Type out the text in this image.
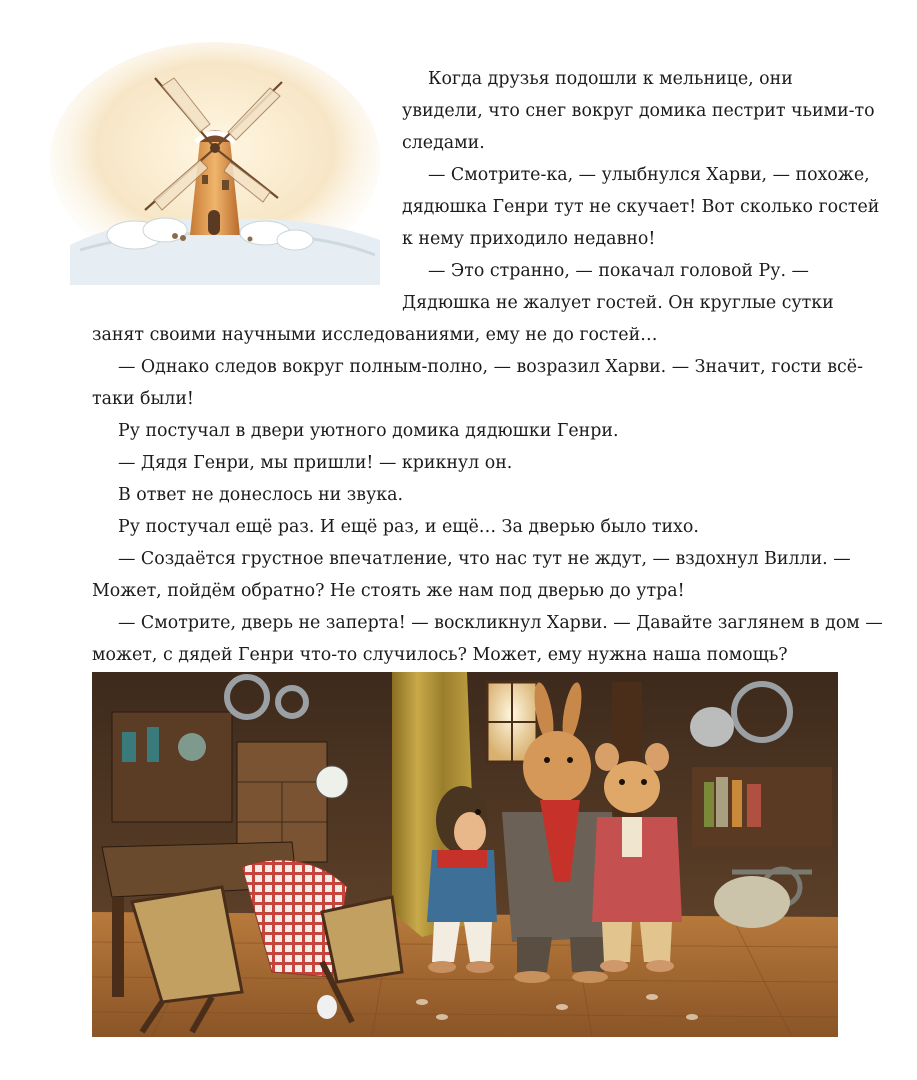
Когда друзья подошли к мельнице, они
увидели, что снег вокруг домика пестрит чьими-то
следами.
— Смотрите-ка, — улыбнулся Харви, — похоже,
дядюшка Генри тут не скучает! Вот сколько гостей
к нему приходило недавно!
— Это странно, — покачал головой Ру. —
Дядюшка не жалует гостей. Он круглые сутки
занят своими научными исследованиями, ему не до гостей…
— Однако следов вокруг полным-полно, — возразил Харви. — Значит, гости всё-
таки были!
Ру постучал в двери уютного домика дядюшки Генри.
— Дядя Генри, мы пришли! — крикнул он.
В ответ не донеслось ни звука.
Ру постучал ещё раз. И ещё раз, и ещё… За дверью было тихо.
— Создаётся грустное впечатление, что нас тут не ждут, — вздохнул Вилли. —
Может, пойдём обратно? Не стоять же нам под дверью до утра!
— Смотрите, дверь не заперта! — воскликнул Харви. — Давайте заглянем в дом —
может, с дядей Генри что-то случилось? Может, ему нужна наша помощь?
